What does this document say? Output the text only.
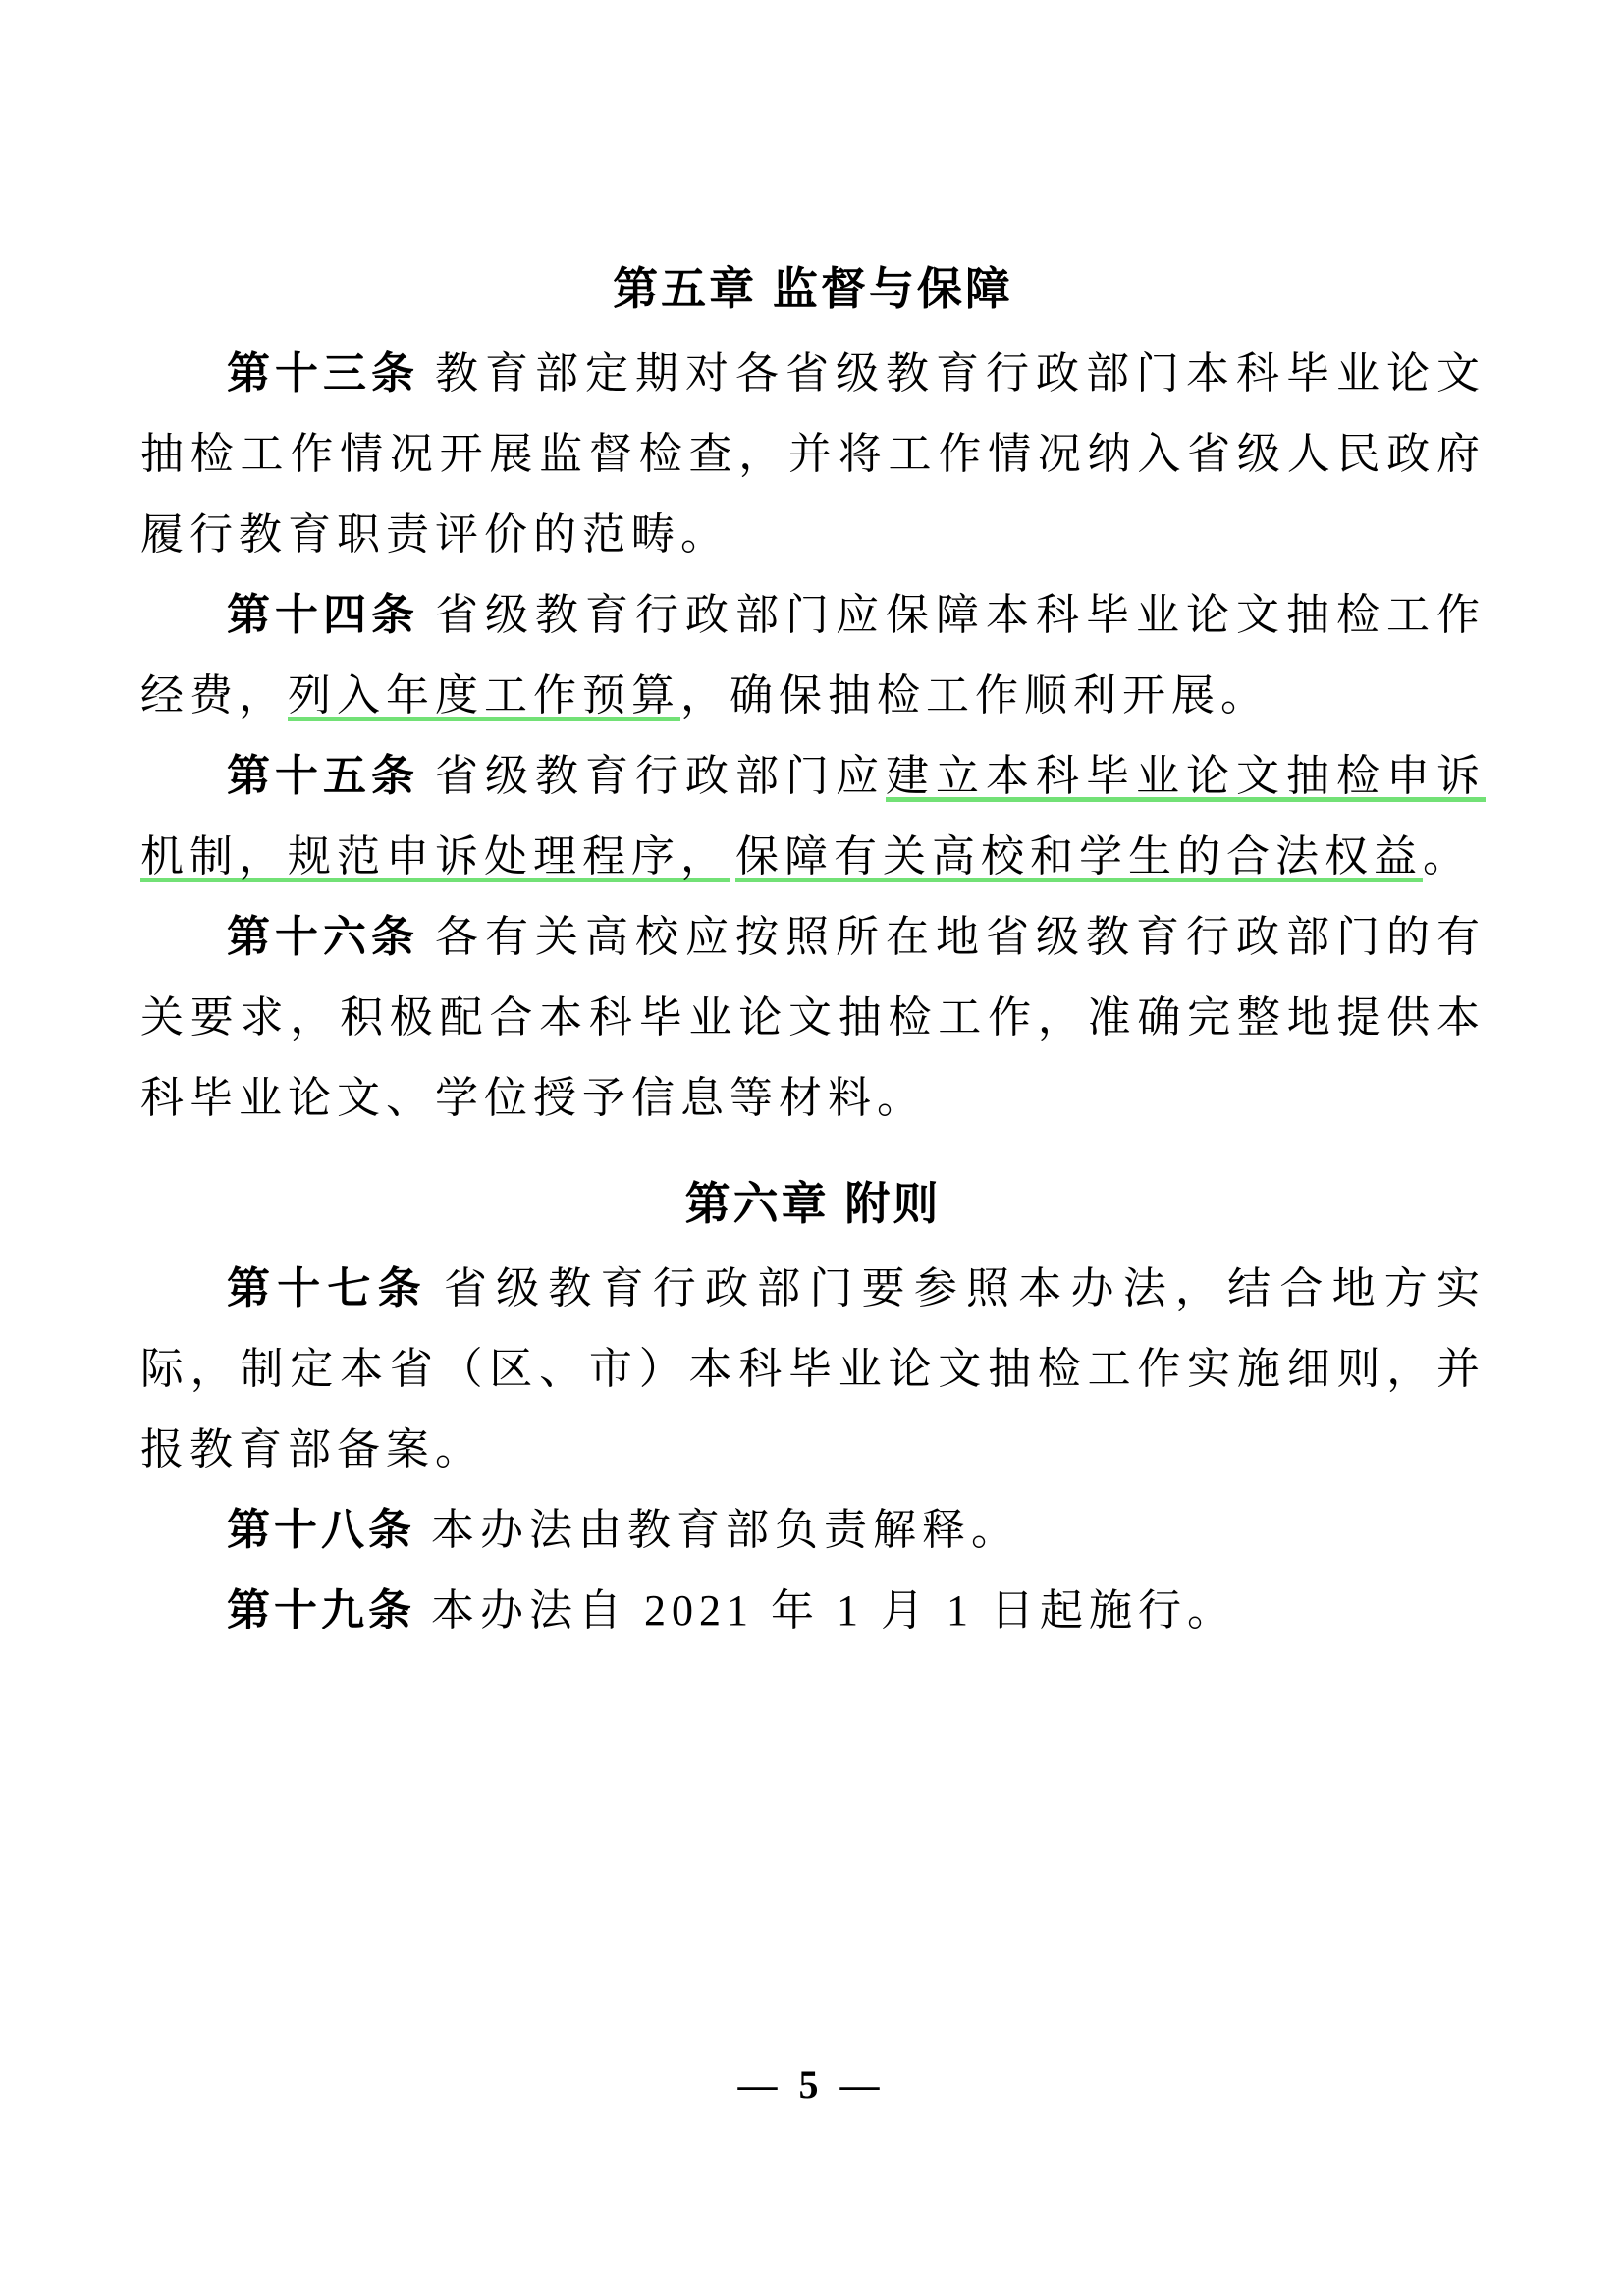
第五章 监督与保障

第十三条 教育部定期对各省级教育行政部门本科毕业论文抽检工作情况开展监督检查，并将工作情况纳入省级人民政府履行教育职责评价的范畴。

第十四条 省级教育行政部门应保障本科毕业论文抽检工作经费，列入年度工作预算，确保抽检工作顺利开展。

第十五条 省级教育行政部门应建立本科毕业论文抽检申诉机制，规范申诉处理程序， 保障有关高校和学生的合法权益。

第十六条 各有关高校应按照所在地省级教育行政部门的有关要求，积极配合本科毕业论文抽检工作，准确完整地提供本科毕业论文、学位授予信息等材料。

第六章 附则

第十七条 省级教育行政部门要参照本办法，结合地方实际，制定本省（区、市）本科毕业论文抽检工作实施细则，并报教育部备案。

第十八条 本办法由教育部负责解释。

第十九条 本办法自 2021 年 1 月 1 日起施行。

— 5 —
